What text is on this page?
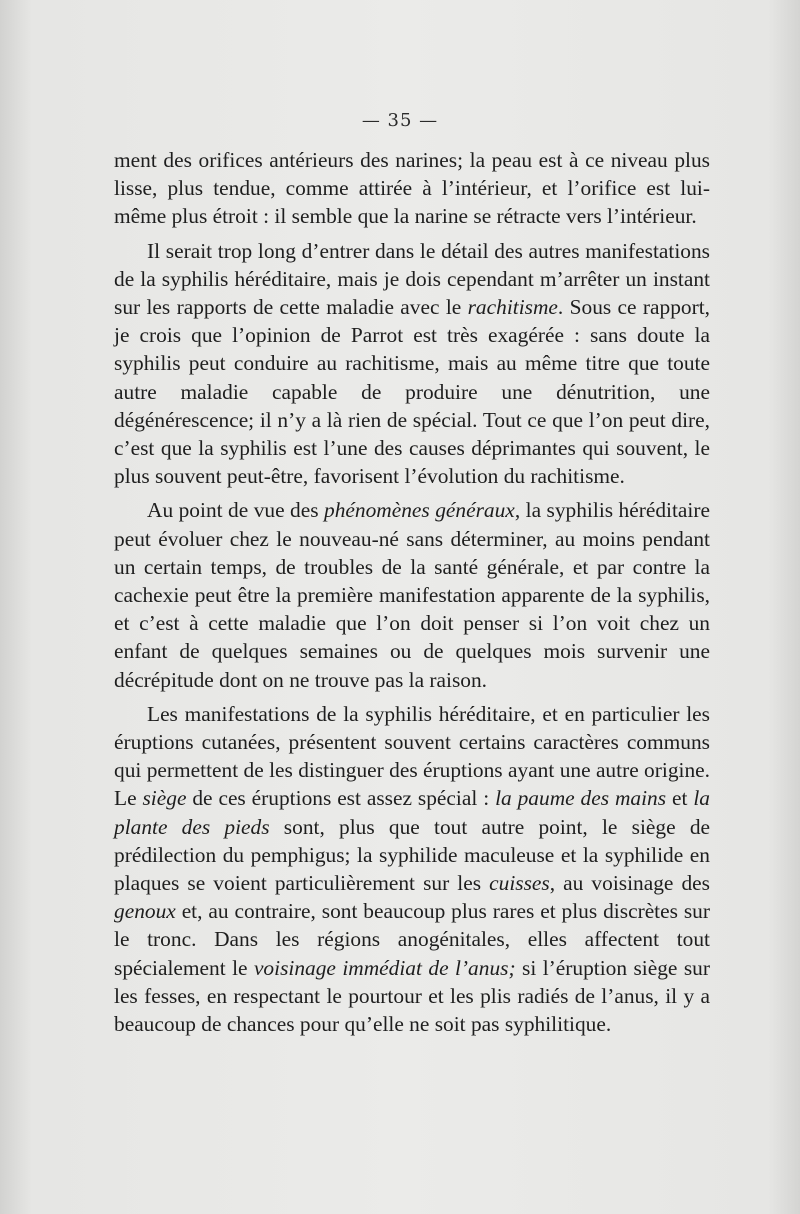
— 35 —

ment des orifices antérieurs des narines; la peau est à ce niveau plus lisse, plus tendue, comme attirée à l’intérieur, et l’orifice est lui-même plus étroit : il semble que la narine se rétracte vers l’intérieur.

Il serait trop long d’entrer dans le détail des autres manifestations de la syphilis héréditaire, mais je dois cependant m’arrêter un instant sur les rapports de cette maladie avec le rachitisme. Sous ce rapport, je crois que l’opinion de Parrot est très exagérée : sans doute la syphilis peut conduire au rachitisme, mais au même titre que toute autre maladie capable de produire une dénutrition, une dégénérescence; il n’y a là rien de spécial. Tout ce que l’on peut dire, c’est que la syphilis est l’une des causes déprimantes qui souvent, le plus souvent peut-être, favorisent l’évolution du rachitisme.

Au point de vue des phénomènes généraux, la syphilis héréditaire peut évoluer chez le nouveau-né sans déterminer, au moins pendant un certain temps, de troubles de la santé générale, et par contre la cachexie peut être la première manifestation apparente de la syphilis, et c’est à cette maladie que l’on doit penser si l’on voit chez un enfant de quelques semaines ou de quelques mois survenir une décrépitude dont on ne trouve pas la raison.

Les manifestations de la syphilis héréditaire, et en particulier les éruptions cutanées, présentent souvent certains caractères communs qui permettent de les distinguer des éruptions ayant une autre origine. Le siège de ces éruptions est assez spécial : la paume des mains et la plante des pieds sont, plus que tout autre point, le siège de prédilection du pemphigus; la syphilide maculeuse et la syphilide en plaques se voient particulièrement sur les cuisses, au voisinage des genoux et, au contraire, sont beaucoup plus rares et plus discrètes sur le tronc. Dans les régions anogénitales, elles affectent tout spécialement le voisinage immédiat de l’anus; si l’éruption siège sur les fesses, en respectant le pourtour et les plis radiés de l’anus, il y a beaucoup de chances pour qu’elle ne soit pas syphilitique.
